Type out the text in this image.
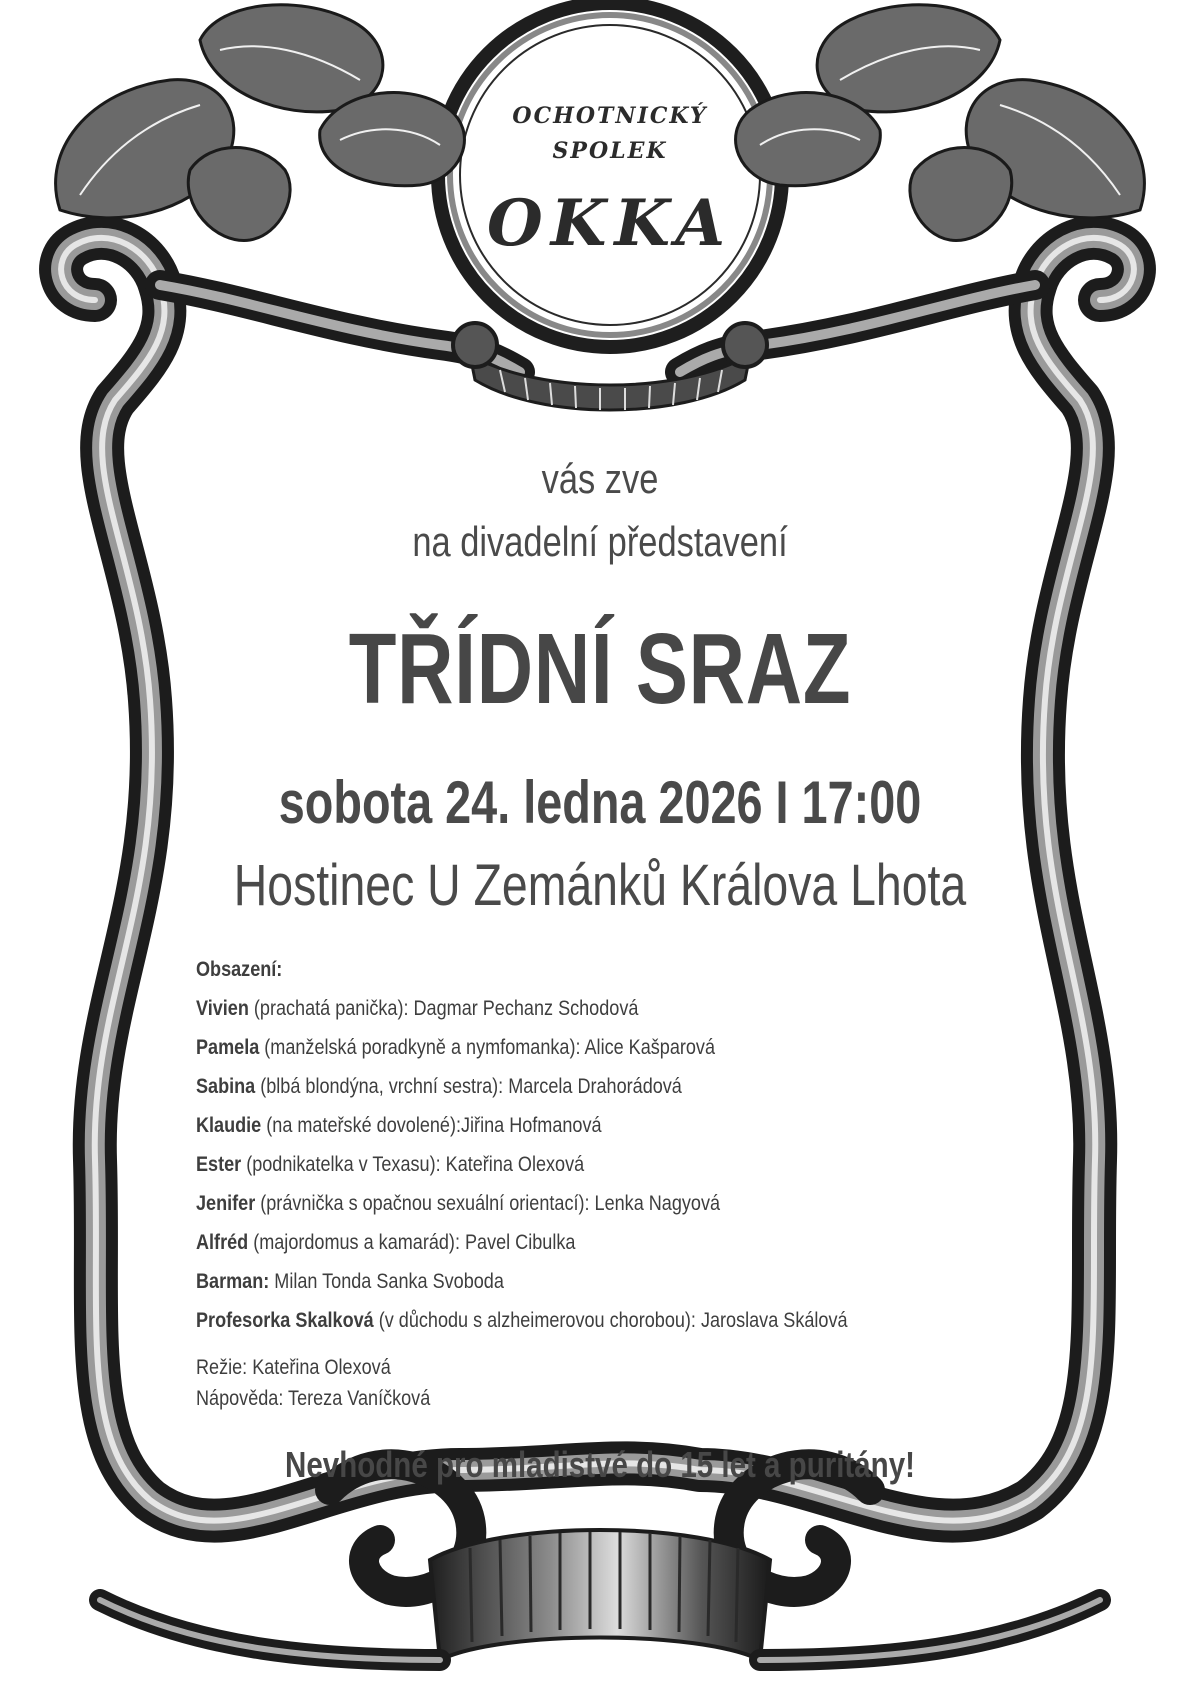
OCHOTNICKÝ
SPOLEK
OKKA
vás zve
na divadelní představení
TŘÍDNÍ SRAZ
sobota 24. ledna 2026 I 17:00
Hostinec U Zemánků Králova Lhota
Obsazení:
Vivien (prachatá panička): Dagmar Pechanz Schodová
Pamela (manželská poradkyně a nymfomanka): Alice Kašparová
Sabina (blbá blondýna, vrchní sestra): Marcela Drahorádová
Klaudie (na mateřské dovolené):Jiřina Hofmanová
Ester (podnikatelka v Texasu): Kateřina Olexová
Jenifer (právnička s opačnou sexuální orientací): Lenka Nagyová
Alfréd (majordomus a kamarád): Pavel Cibulka
Barman: Milan Tonda Sanka Svoboda
Profesorka Skalková (v důchodu s alzheimerovou chorobou): Jaroslava Skálová
Režie: Kateřina Olexová
Nápověda: Tereza Vaníčková
Nevhodné pro mladistvé do 15 let a puritány!
